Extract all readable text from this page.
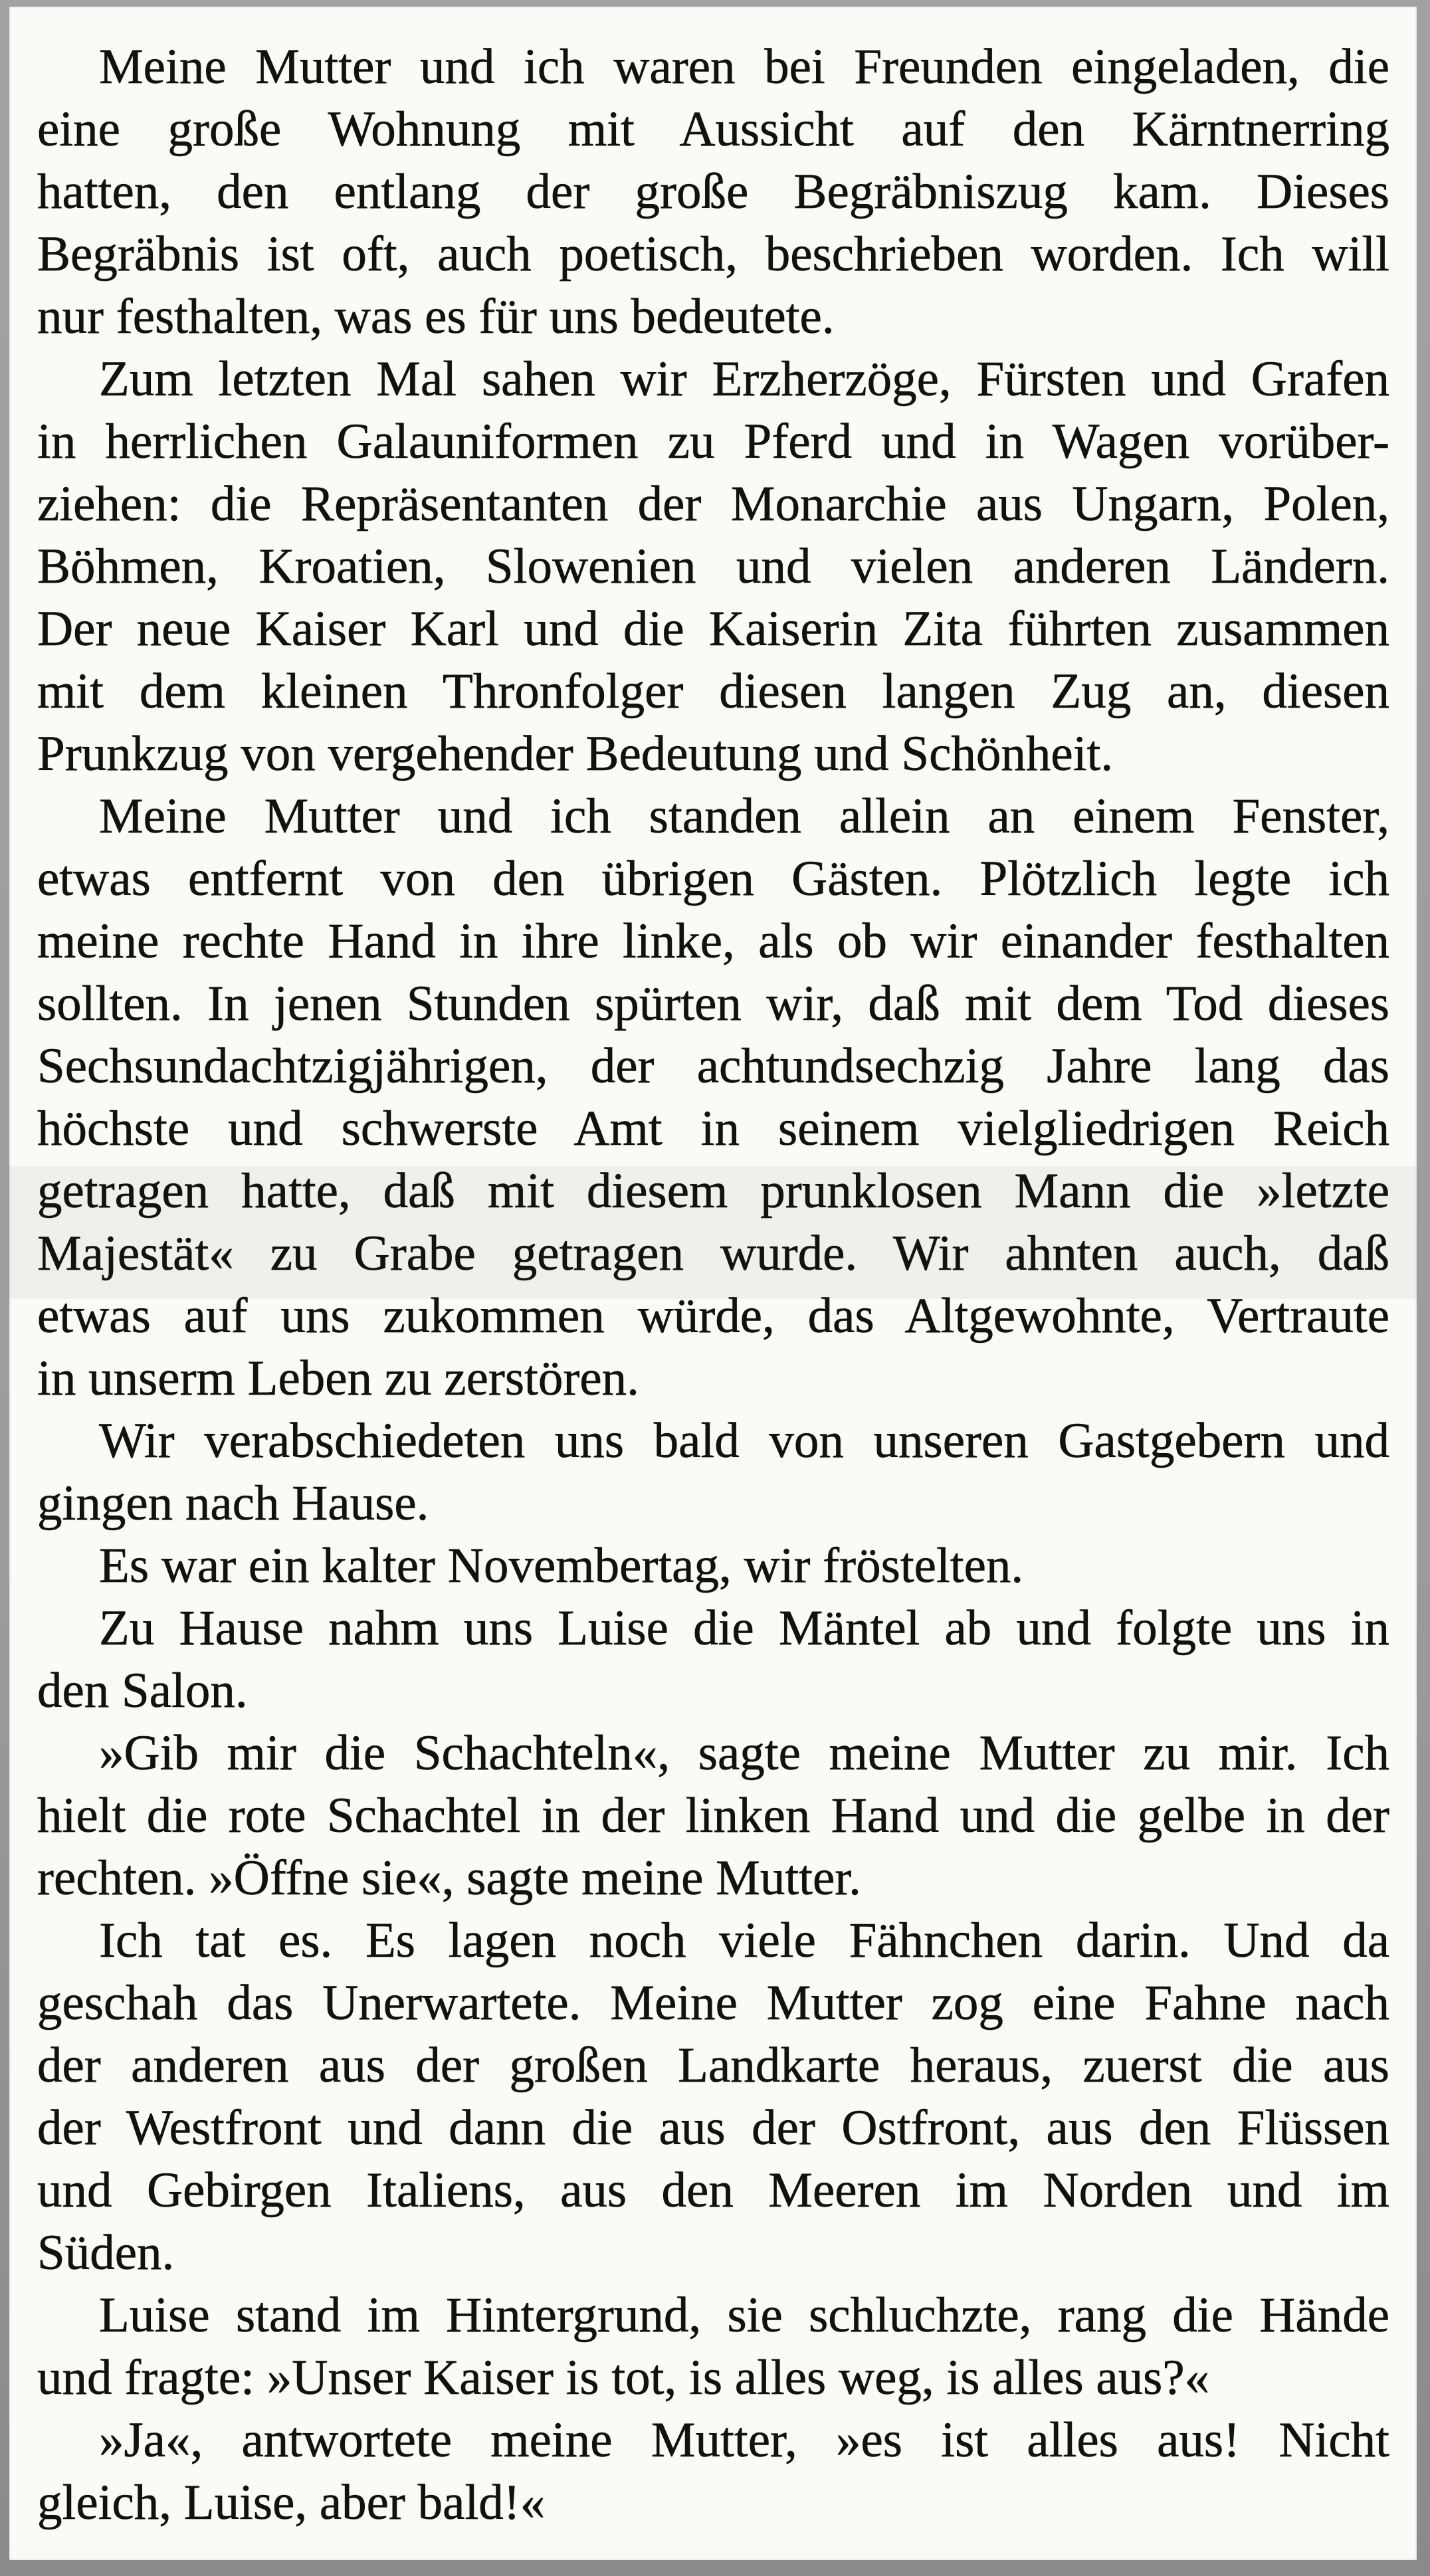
Meine Mutter und ich waren bei Freunden eingeladen, die
eine große Wohnung mit Aussicht auf den Kärntnerring
hatten, den entlang der große Begräbniszug kam. Dieses
Begräbnis ist oft, auch poetisch, beschrieben worden. Ich will
nur festhalten, was es für uns bedeutete.
Zum letzten Mal sahen wir Erzherzöge, Fürsten und Grafen
in herrlichen Galauniformen zu Pferd und in Wagen vorüber-
ziehen: die Repräsentanten der Monarchie aus Ungarn, Polen,
Böhmen, Kroatien, Slowenien und vielen anderen Ländern.
Der neue Kaiser Karl und die Kaiserin Zita führten zusammen
mit dem kleinen Thronfolger diesen langen Zug an, diesen
Prunkzug von vergehender Bedeutung und Schönheit.
Meine Mutter und ich standen allein an einem Fenster,
etwas entfernt von den übrigen Gästen. Plötzlich legte ich
meine rechte Hand in ihre linke, als ob wir einander festhalten
sollten. In jenen Stunden spürten wir, daß mit dem Tod dieses
Sechsundachtzigjährigen, der achtundsechzig Jahre lang das
höchste und schwerste Amt in seinem vielgliedrigen Reich
getragen hatte, daß mit diesem prunklosen Mann die »letzte
Majestät« zu Grabe getragen wurde. Wir ahnten auch, daß
etwas auf uns zukommen würde, das Altgewohnte, Vertraute
in unserm Leben zu zerstören.
Wir verabschiedeten uns bald von unseren Gastgebern und
gingen nach Hause.
Es war ein kalter Novembertag, wir fröstelten.
Zu Hause nahm uns Luise die Mäntel ab und folgte uns in
den Salon.
»Gib mir die Schachteln«, sagte meine Mutter zu mir. Ich
hielt die rote Schachtel in der linken Hand und die gelbe in der
rechten. »Öffne sie«, sagte meine Mutter.
Ich tat es. Es lagen noch viele Fähnchen darin. Und da
geschah das Unerwartete. Meine Mutter zog eine Fahne nach
der anderen aus der großen Landkarte heraus, zuerst die aus
der Westfront und dann die aus der Ostfront, aus den Flüssen
und Gebirgen Italiens, aus den Meeren im Norden und im
Süden.
Luise stand im Hintergrund, sie schluchzte, rang die Hände
und fragte: »Unser Kaiser is tot, is alles weg, is alles aus?«
»Ja«, antwortete meine Mutter, »es ist alles aus! Nicht
gleich, Luise, aber bald!«
